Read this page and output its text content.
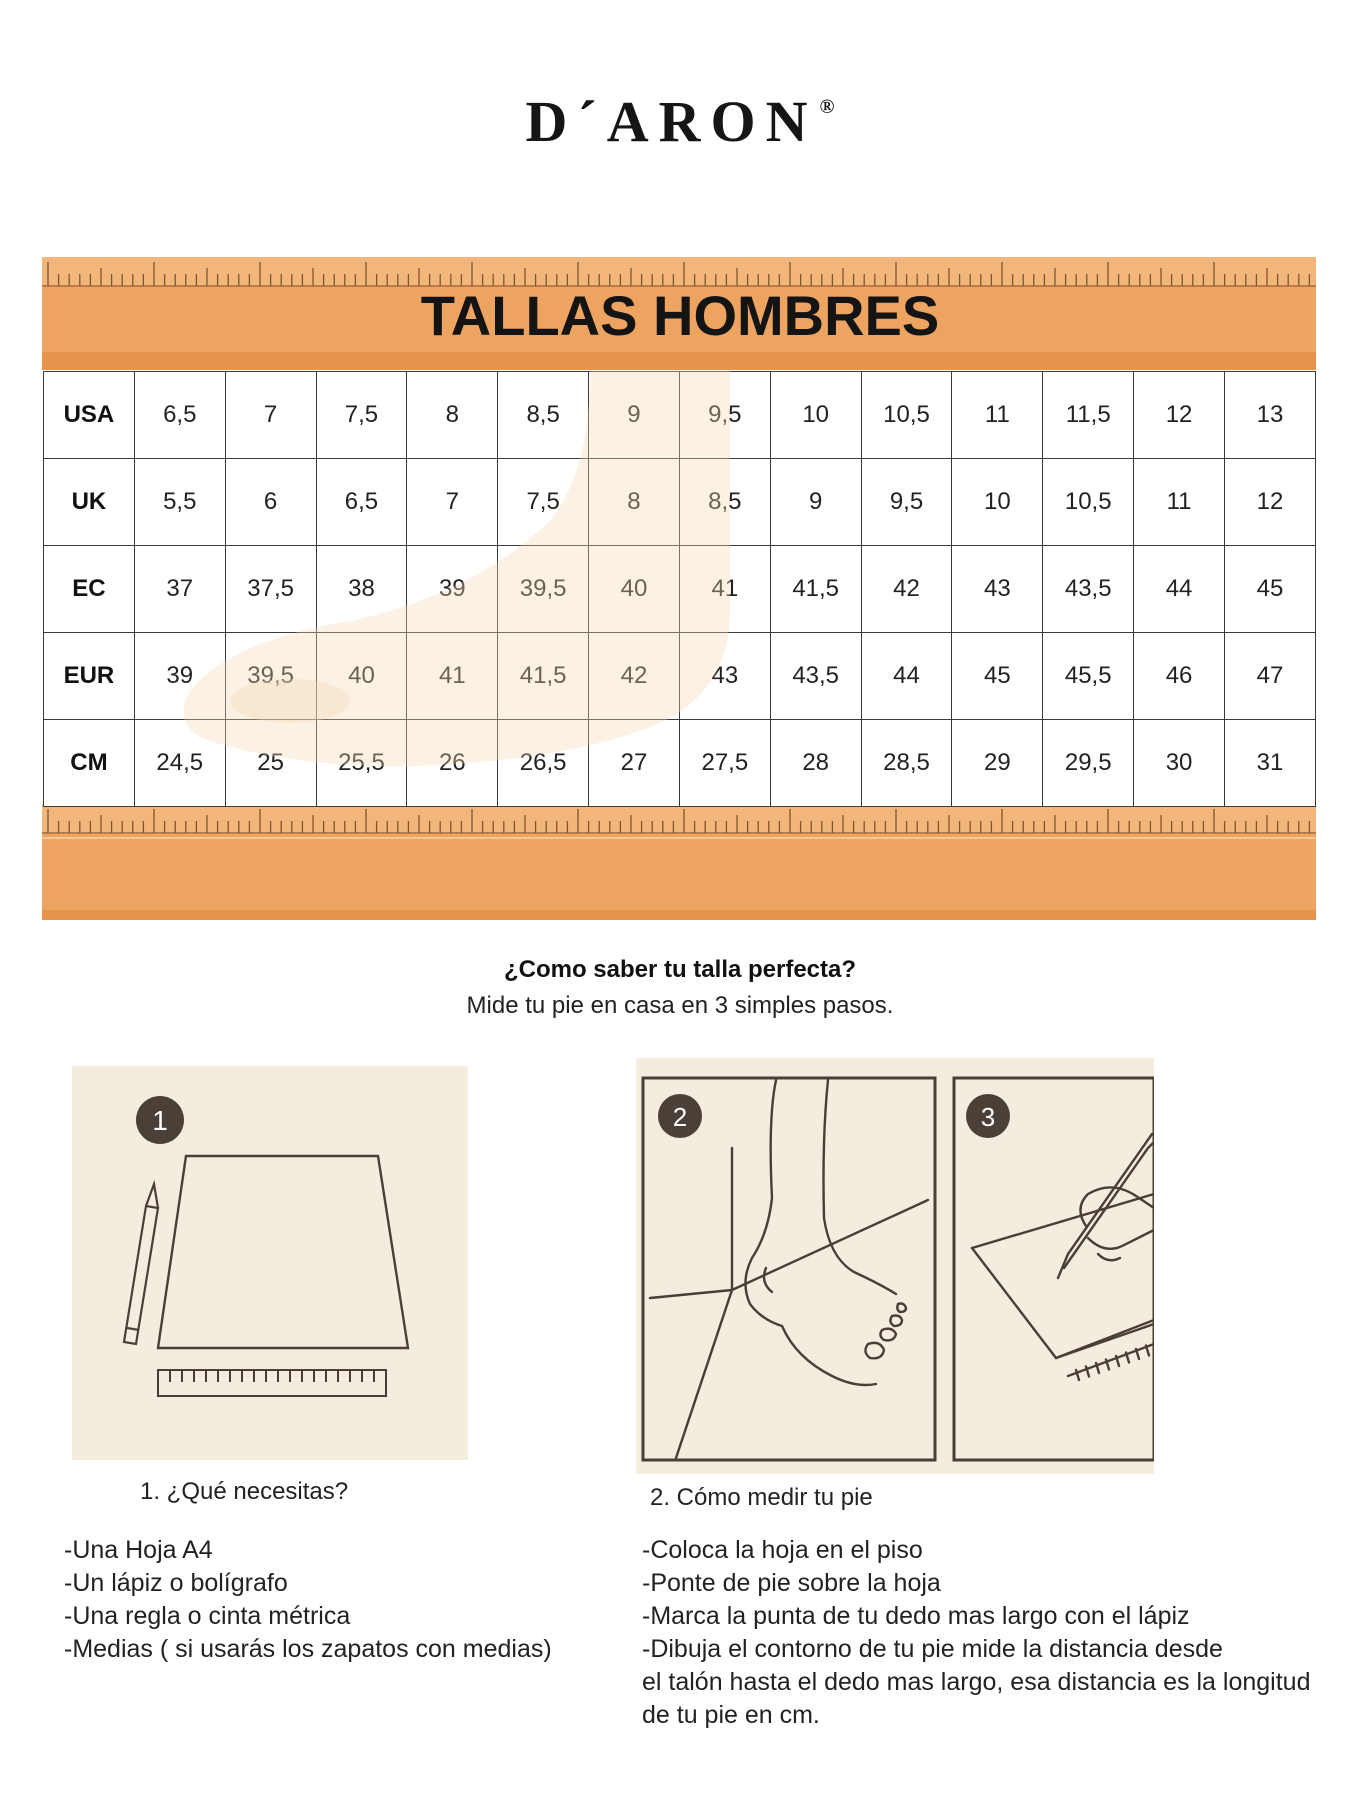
D´ARON ®
TALLAS HOMBRES
USA	6,5	7	7,5	8	8,5	9	9,5	10	10,5	11	11,5	12	13
UK	5,5	6	6,5	7	7,5	8	8,5	9	9,5	10	10,5	11	12
EC	37	37,5	38	39	39,5	40	41	41,5	42	43	43,5	44	45
EUR	39	39,5	40	41	41,5	42	43	43,5	44	45	45,5	46	47
CM	24,5	25	25,5	26	26,5	27	27,5	28	28,5	29	29,5	30	31
¿Como saber tu talla perfecta?
Mide tu pie en casa en 3 simples pasos.
1
1. ¿Qué necesitas?
-Una Hoja A4
-Un lápiz o bolígrafo
-Una regla o cinta métrica
-Medias ( si usarás los zapatos con medias)
2	3
2. Cómo medir tu pie
-Coloca la hoja en el piso
-Ponte de pie sobre la hoja
-Marca la punta de tu dedo mas largo con el lápiz
-Dibuja el contorno de tu pie mide la distancia desde
el talón hasta el dedo mas largo, esa distancia es la longitud
de tu pie en cm.
